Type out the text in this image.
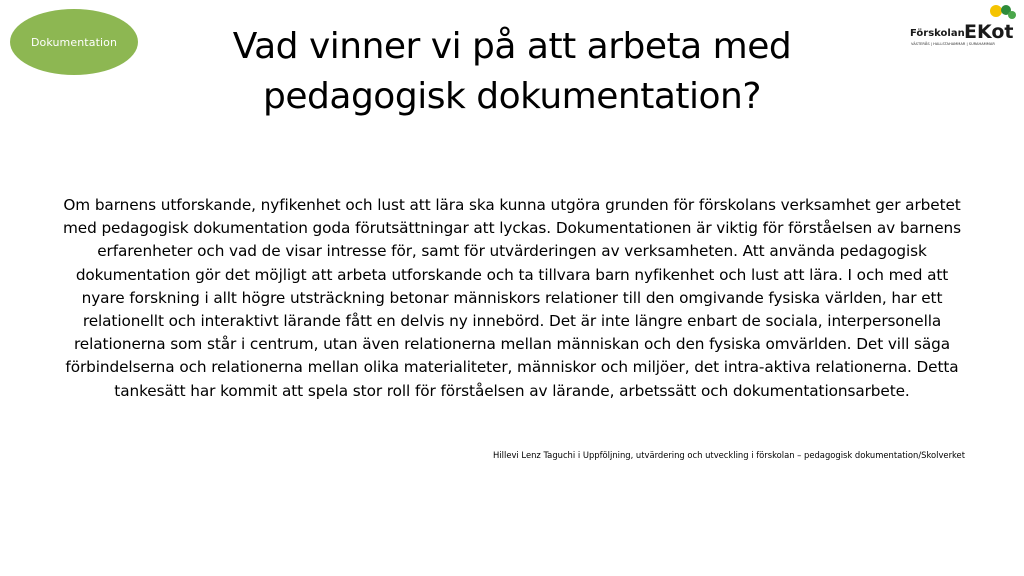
Dokumentation	Vad vinner vi på att arbeta med
pedagogisk dokumentation?
Förskolan EKot
VÄSTERÅS | HALLSTAHAMMAR | SURAHAMMAR

Om barnens utforskande, nyfikenhet och lust att lära ska kunna utgöra grunden för förskolans verksamhet ger arbetet med pedagogisk dokumentation goda förutsättningar att lyckas. Dokumentationen är viktig för förståelsen av barnens erfarenheter och vad de visar intresse för, samt för utvärderingen av verksamheten. Att använda pedagogisk dokumentation gör det möjligt att arbeta utforskande och ta tillvara barn nyfikenhet och lust att lära. I och med att nyare forskning i allt högre utsträckning betonar människors relationer till den omgivande fysiska världen, har ett relationellt och interaktivt lärande fått en delvis ny innebörd. Det är inte längre enbart de sociala, interpersonella relationerna som står i centrum, utan även relationerna mellan människan och den fysiska omvärlden. Det vill säga förbindelserna och relationerna mellan olika materialiteter, människor och miljöer, det intra-aktiva relationerna. Detta tankesätt har kommit att spela stor roll för förståelsen av lärande, arbetssätt och dokumentationsarbete.

Hillevi Lenz Taguchi i Uppföljning, utvärdering och utveckling i förskolan – pedagogisk dokumentation/Skolverket
